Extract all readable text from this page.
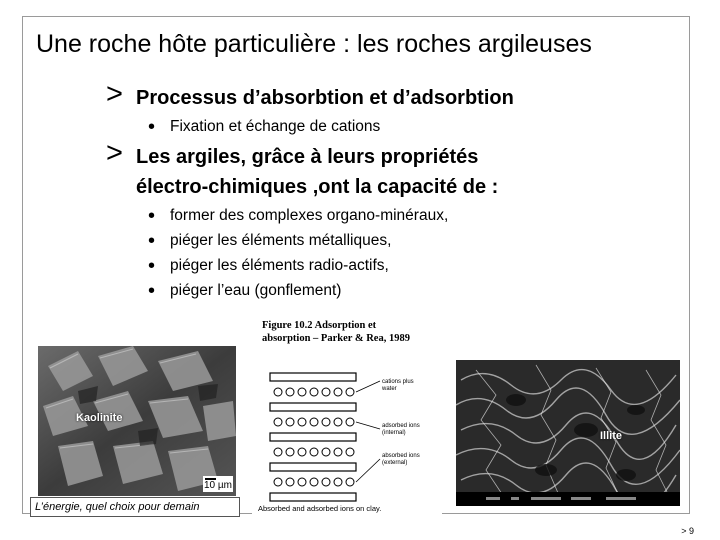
Une roche hôte particulière : les roches argileuses
> Processus d’absorbtion et d’adsorbtion
• Fixation et échange de cations
> Les argiles, grâce à leurs propriétés
électro-chimiques ,ont la capacité de :
• former des complexes organo-minéraux,
• piéger les éléments métalliques,
• piéger les éléments radio-actifs,
• piéger l’eau (gonflement)
Kaolinite
10 µm
Figure 10.2 Adsorption et
absorption – Parker & Rea, 1989
cations plus
water
adsorbed ions
(internal)
absorbed ions
(external)
Absorbed and adsorbed ions on clay.
Illite
L’énergie, quel choix pour demain
> 9
